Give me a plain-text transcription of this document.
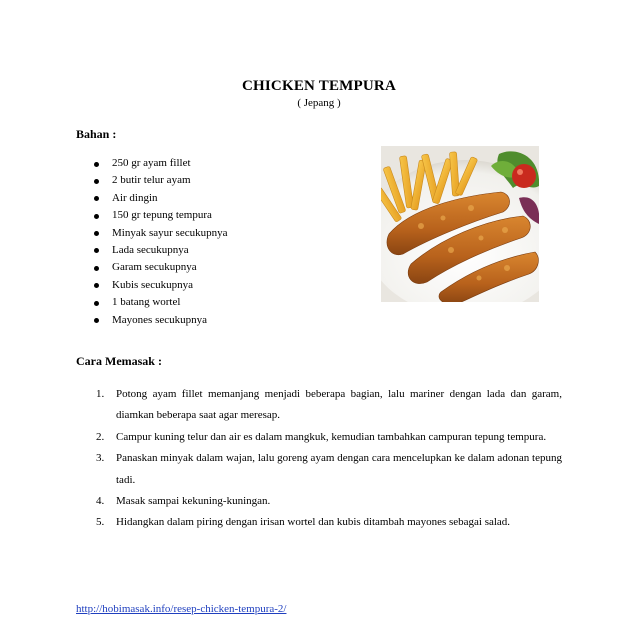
CHICKEN TEMPURA
( Jepang )
Bahan :
250 gr ayam fillet
2 butir telur ayam
Air dingin
150 gr tepung tempura
Minyak sayur secukupnya
Lada secukupnya
Garam secukupnya
Kubis secukupnya
1 batang wortel
Mayones secukupnya
Cara Memasak :
1. Potong ayam fillet memanjang menjadi beberapa bagian, lalu mariner dengan lada dan garam, diamkan beberapa saat agar meresap.
2. Campur kuning telur dan air es dalam mangkuk, kemudian tambahkan campuran tepung tempura.
3. Panaskan minyak dalam wajan, lalu goreng ayam dengan cara mencelupkan ke dalam adonan tepung tadi.
4. Masak sampai kekuning-kuningan.
5. Hidangkan dalam piring dengan irisan wortel dan kubis ditambah mayones sebagai salad.
http://hobimasak.info/resep-chicken-tempura-2/
